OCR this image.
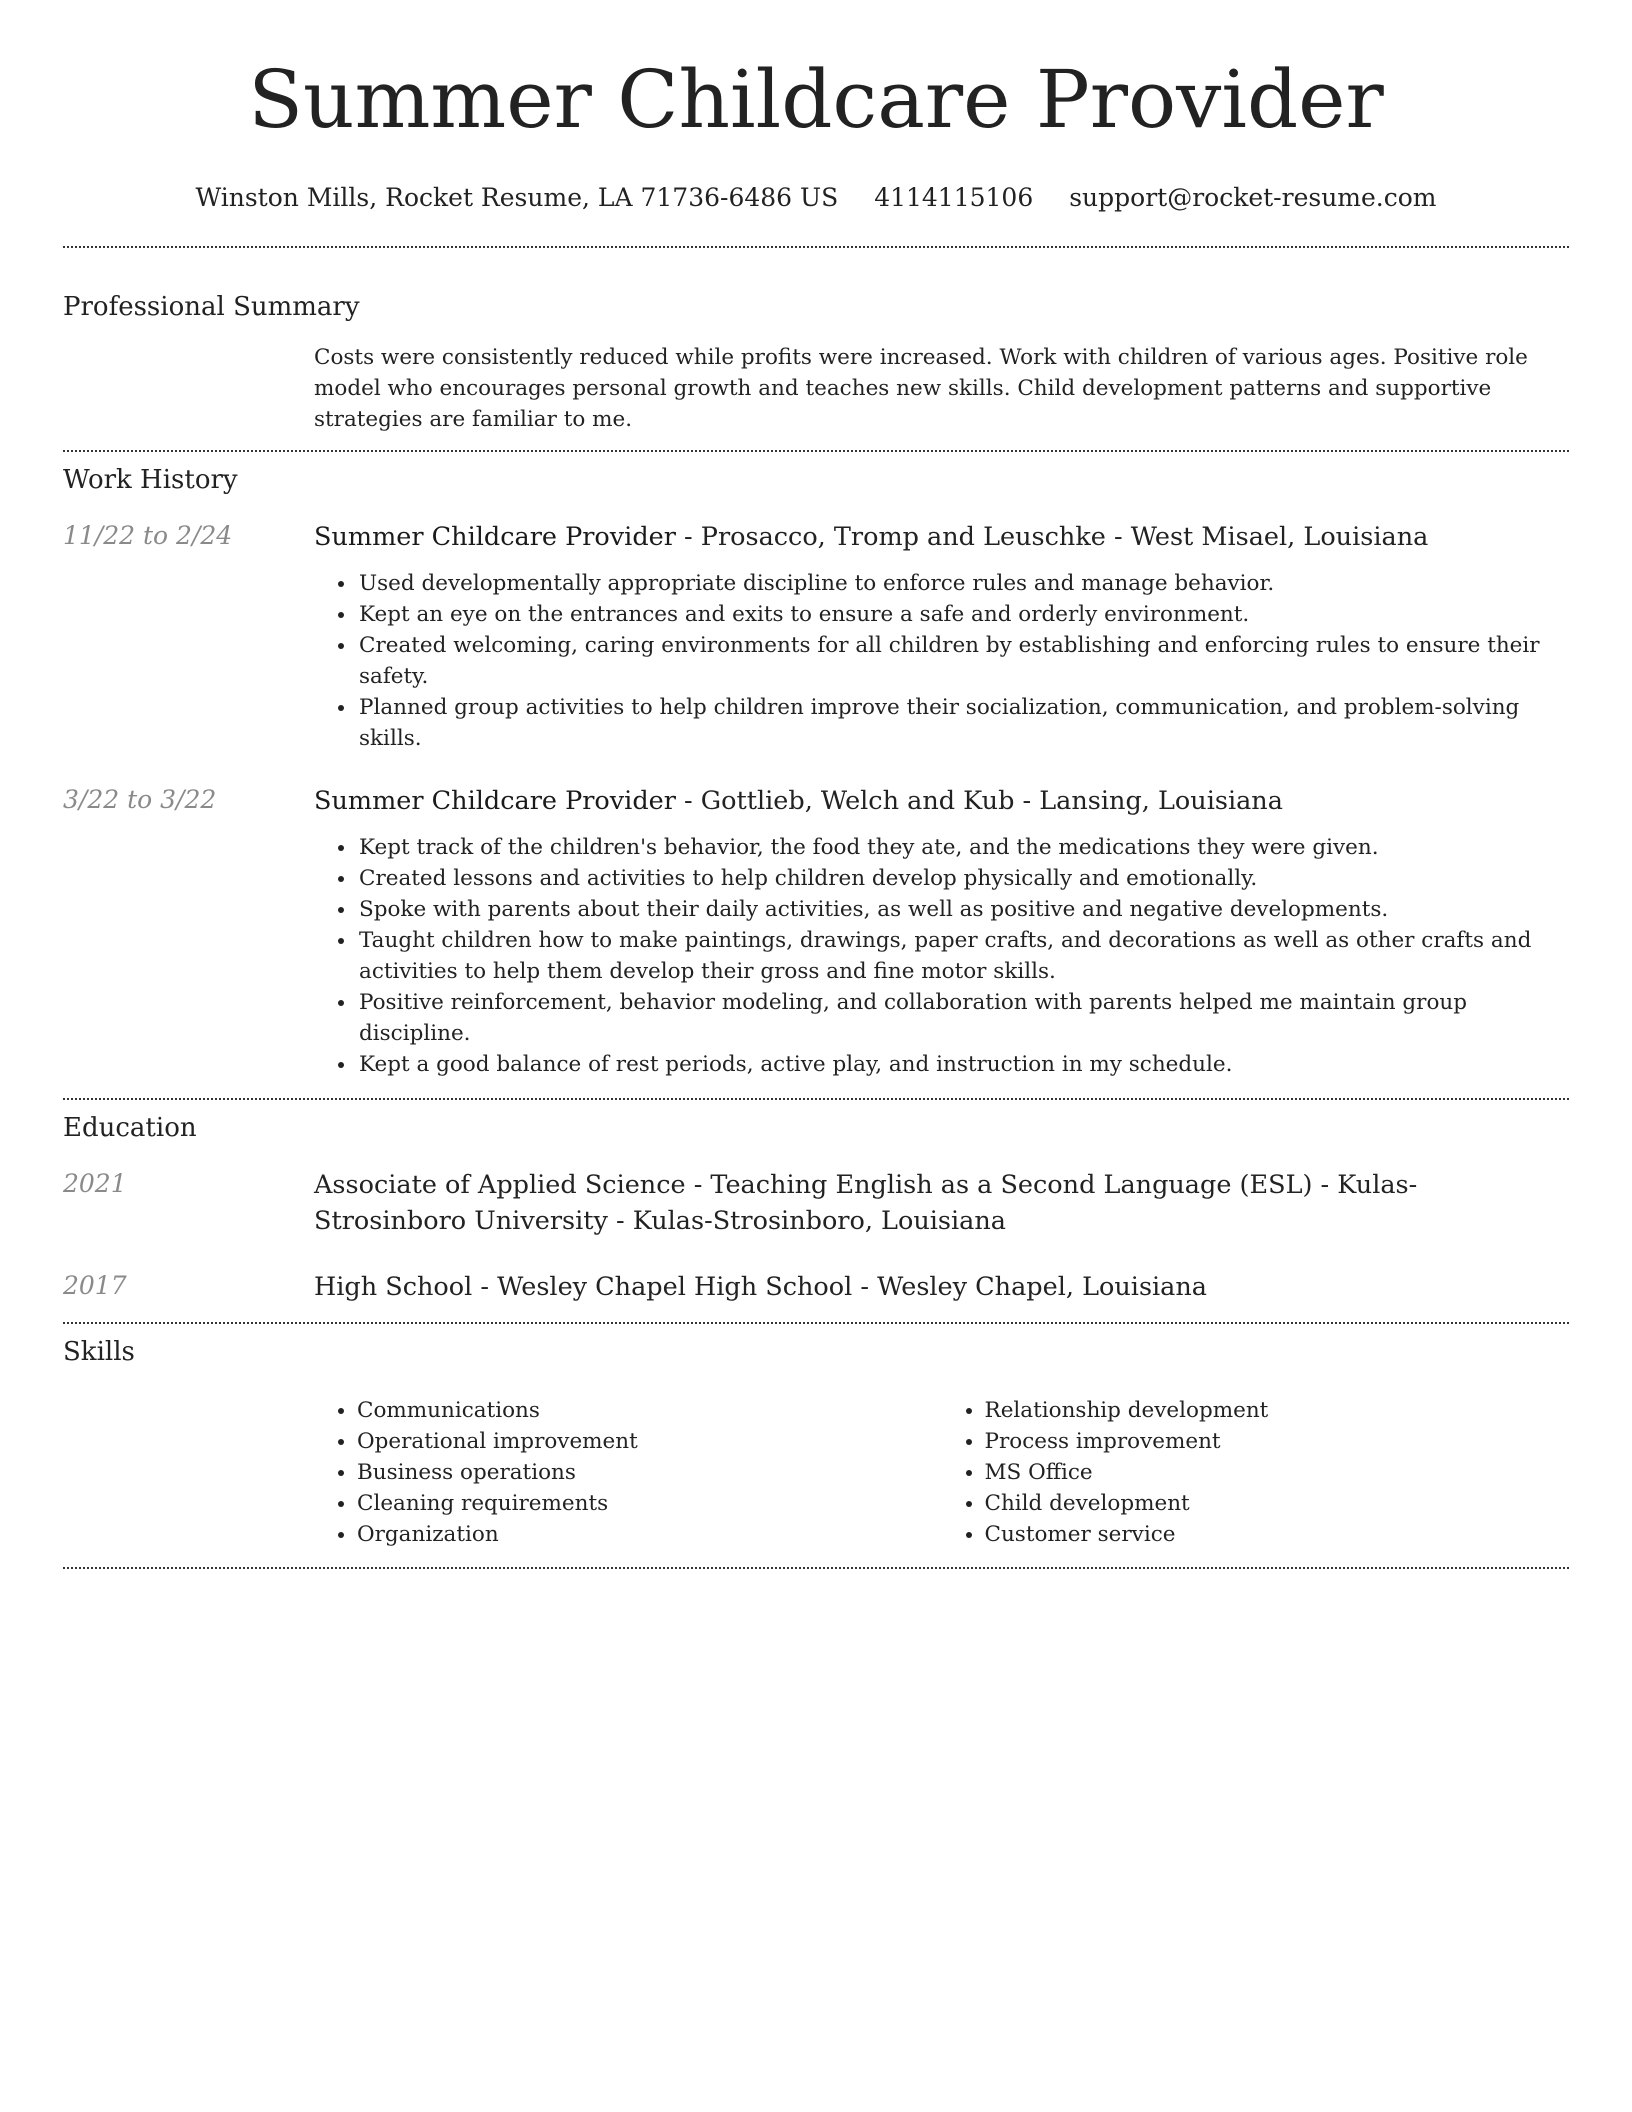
Summer Childcare Provider
Winston Mills, Rocket Resume, LA 71736-6486 US 4114115106 support@rocket-resume.com
Professional Summary

Costs were consistently reduced while profits were increased. Work with children of various ages. Positive role model who encourages personal growth and teaches new skills. Child development patterns and supportive strategies are familiar to me.

Work History
11/22 to 2/24	Summer Childcare Provider - Prosacco, Tromp and Leuschke - West Misael, Louisiana
• Used developmentally appropriate discipline to enforce rules and manage behavior.
• Kept an eye on the entrances and exits to ensure a safe and orderly environment.
• Created welcoming, caring environments for all children by establishing and enforcing rules to ensure their safety.
• Planned group activities to help children improve their socialization, communication, and problem-solving skills.
3/22 to 3/22	Summer Childcare Provider - Gottlieb, Welch and Kub - Lansing, Louisiana
• Kept track of the children's behavior, the food they ate, and the medications they were given.
• Created lessons and activities to help children develop physically and emotionally.
• Spoke with parents about their daily activities, as well as positive and negative developments.
• Taught children how to make paintings, drawings, paper crafts, and decorations as well as other crafts and activities to help them develop their gross and fine motor skills.
• Positive reinforcement, behavior modeling, and collaboration with parents helped me maintain group discipline.
• Kept a good balance of rest periods, active play, and instruction in my schedule.
Education
2021	Associate of Applied Science - Teaching English as a Second Language (ESL) - Kulas-Strosinboro University - Kulas-Strosinboro, Louisiana
2017	High School - Wesley Chapel High School - Wesley Chapel, Louisiana
Skills
• Communications
• Operational improvement
• Business operations
• Cleaning requirements
• Organization
• Relationship development
• Process improvement
• MS Office
• Child development
• Customer service
